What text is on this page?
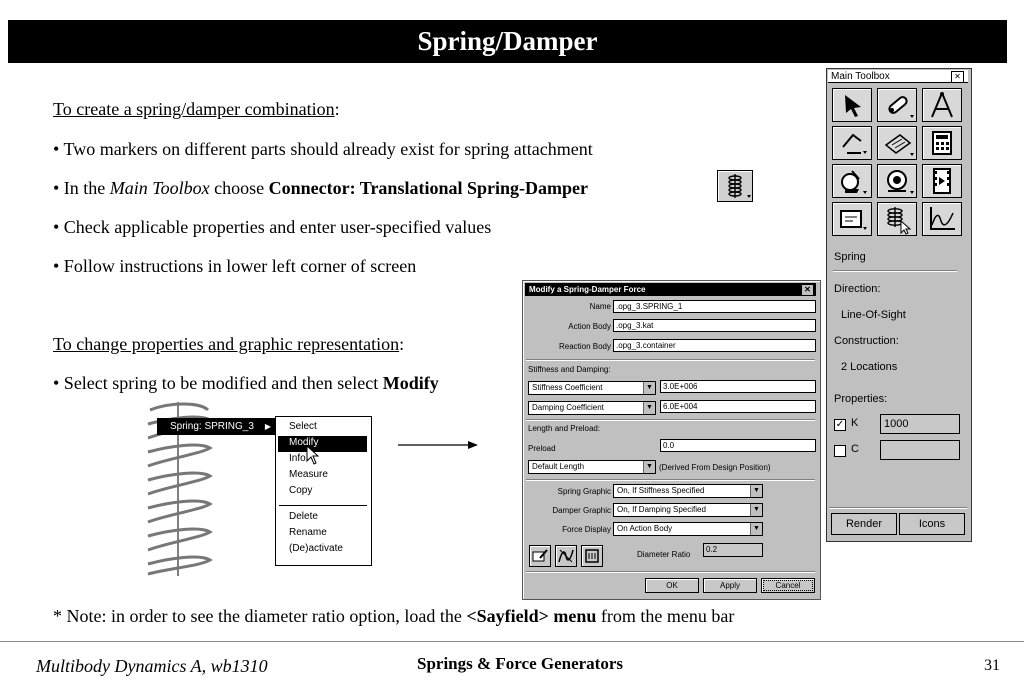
Spring/Damper
To create a spring/damper combination:
• Two markers on different parts should already exist for spring attachment
• In the Main Toolbox choose Connector: Translational Spring-Damper
• Check applicable properties and enter user-specified values
• Follow instructions in lower left corner of screen
To change properties and graphic representation:
• Select spring to be modified and then select Modify
Spring: SPRING_3 ▶ Select
Modify
Info
Measure
Copy
Delete
Rename
(De)activate
Modify a Spring-Damper Force	✕
Name .opg_3.SPRING_1
Action Body .opg_3.kat
Reaction Body .opg_3.container
Stiffness and Damping:
Stiffness Coefficient	▼	3.0E+006
Damping Coefficient	▼	6.0E+004
Length and Preload:
Preload	0.0
Default Length	▼ (Derived From Design Position)
Spring Graphic On, If Stiffness Specified	▼
Damper Graphic On, If Damping Specified	▼
Force Display On Action Body	▼
Diameter Ratio
0.2
OK	Apply	Cancel
Main Toolbox	✕
Spring
Direction:
Line-Of-Sight
Construction:
2 Locations
Properties:
✓ K	1000
C
Render	Icons
* Note: in order to see the diameter ratio option, load the <Sayfield> menu from the menu bar
Multibody Dynamics A, wb1310	Springs & Force Generators	31
